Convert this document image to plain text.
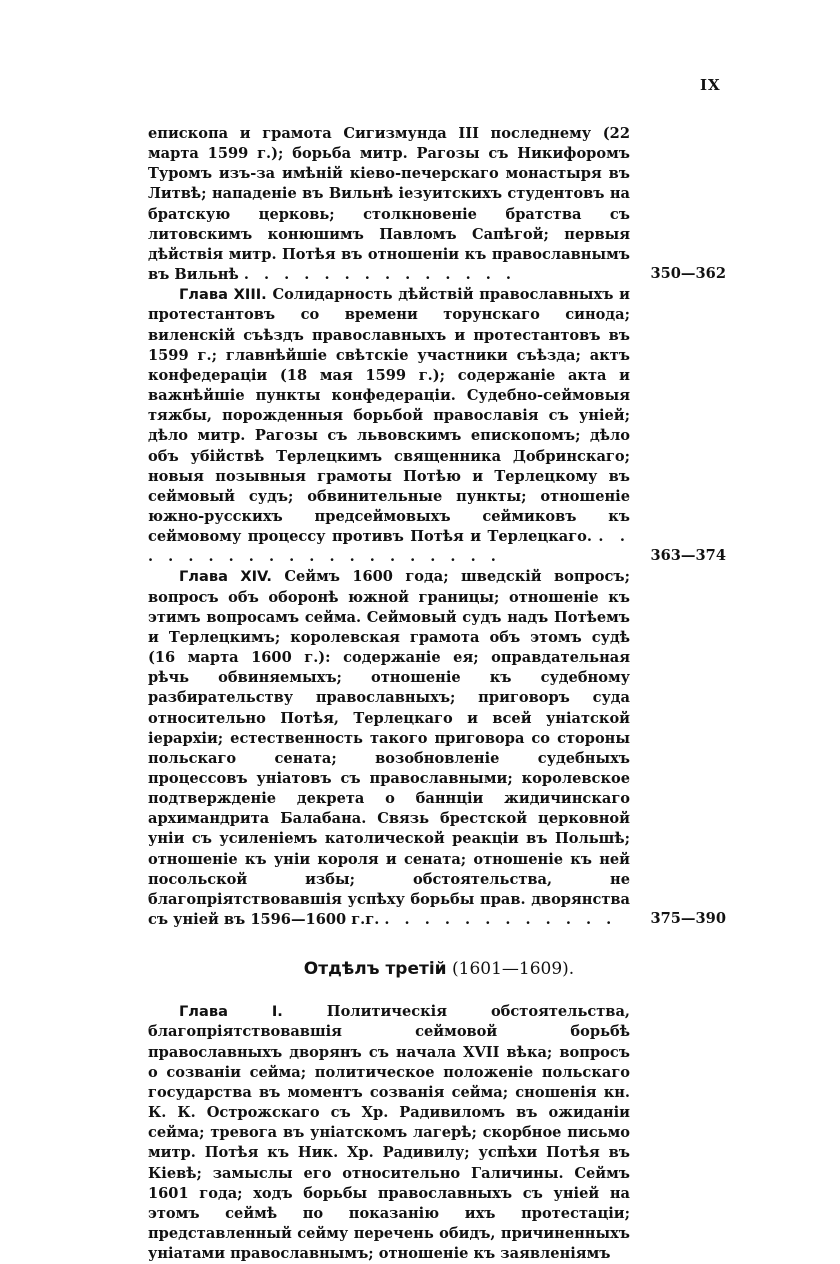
IX
епископа и грамота Сигизмунда III последнему (22 марта 1599 г.); борьба митр. Рагозы съ Никифоромъ Туромъ изъ-за имѣній кіево-печерскаго монастыря въ Литвѣ; нападеніе въ Вильнѣ іезуитскихъ студентовъ на братскую церковь; столкновеніе братства съ литовскимъ конюшимъ Павломъ Сапѣгой; первыя дѣйствія митр. Потѣя въ отношеніи къ православнымъ въ Вильнѣ . . . . . . . . . . . . . .	350—362
Глава XIII. Солидарность дѣйствій православныхъ и протестантовъ со времени торунскаго синода; виленскій съѣздъ православныхъ и протестантовъ въ 1599 г.; главнѣйшіе свѣтскіе участники съѣзда; актъ конфедераціи (18 мая 1599 г.); содержаніе акта и важнѣйшіе пункты конфедераціи. Судебно-сеймовыя тяжбы, порожденныя борьбой православія съ уніей; дѣло митр. Рагозы съ львовскимъ епископомъ; дѣло объ убійствѣ Терлецкимъ священника Добринскаго; новыя позывныя грамоты Потѣю и Терлецкому въ сеймовый судъ; обвинительные пункты; отношеніе южно-русскихъ предсеймовыхъ сеймиковъ къ сеймовому процессу противъ Потѣя и Терлецкаго. . . . . . . . . . . . . . . . . . . . .	363—374
Глава XIV. Сеймъ 1600 года; шведскій вопросъ; вопросъ объ оборонѣ южной границы; отношеніе къ этимъ вопросамъ сейма. Сеймовый судъ надъ Потѣемъ и Терлецкимъ; королевская грамота объ этомъ судѣ (16 марта 1600 г.): содержаніе ея; оправдательная рѣчь обвиняемыхъ; отношеніе къ судебному разбирательству православныхъ; приговоръ суда относительно Потѣя, Терлецкаго и всей уніатской іерархіи; естественность такого приговора со стороны польскаго сената; возобновленіе судебныхъ процессовъ уніатовъ съ православными; королевское подтвержденіе декрета о баннціи жидичинскаго архимандрита Балабана. Связь брестской церковной уніи съ усиленіемъ католической реакціи въ Польшѣ; отношеніе къ уніи короля и сената; отношеніе къ ней посольской избы; обстоятельства, не благопріятствовавшія успѣху борьбы прав. дворянства съ уніей въ 1596—1600 г.г. . . . . . . . . . . . .	375—390
Отдѣлъ третій (1601—1609).
Глава I. Политическія обстоятельства, благопріятствовавшія сеймовой борьбѣ православныхъ дворянъ съ начала XVII вѣка; вопросъ о созваніи сейма; политическое положеніе польскаго государства въ моментъ созванія сейма; сношенія кн. К. К. Острожскаго съ Хр. Радивиломъ въ ожиданіи сейма; тревога въ уніатскомъ лагерѣ; скорбное письмо митр. Потѣя къ Ник. Хр. Радивилу; успѣхи Потѣя въ Кіевѣ; замыслы его относительно Галичины. Сеймъ 1601 года; ходъ борьбы православныхъ съ уніей на этомъ сеймѣ по показанію ихъ протестаціи; представленный сейму перечень обидъ, причиненныхъ уніатами православнымъ; отношеніе къ заявленіямъ
